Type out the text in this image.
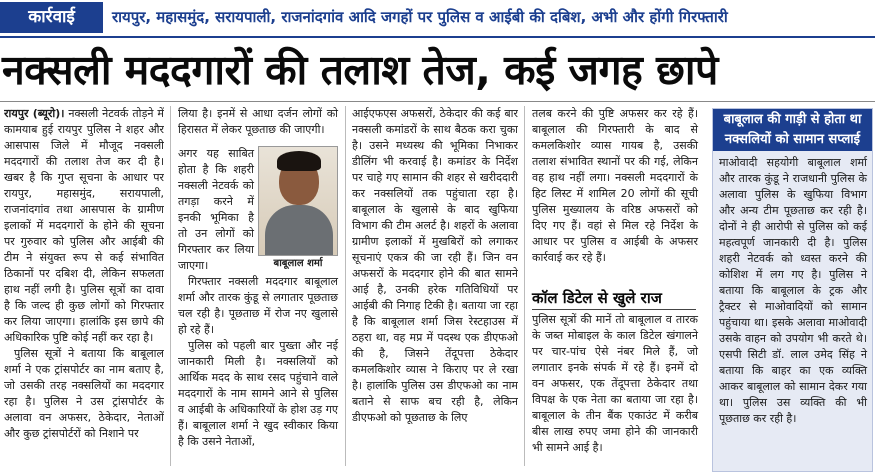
कार्रवाई	रायपुर, महासमुंद, सरायपाली, राजनांदगांव आदि जगहों पर पुलिस व आईबी की दबिश, अभी और होंगी गिरफ्तारी
नक्सली मददगारों की तलाश तेज, कई जगह छापे

रायपुर (ब्यूरो)। नक्सली नेटवर्क तोड़ने में कामयाब हुई रायपुर पुलिस ने शहर और आसपास जिले में मौजूद नक्सली मददगारों की तलाश तेज कर दी है। खबर है कि गुप्त सूचना के आधार पर रायपुर, महासमुंद, सरायपाली, राजनांदगांव तथा आसपास के ग्रामीण इलाकों में मददगारों के होने की सूचना पर गुरुवार को पुलिस और आईबी की टीम ने संयुक्त रूप से कई संभावित ठिकानों पर दबिश दी, लेकिन सफलता हाथ नहीं लगी है। पुलिस सूत्रों का दावा है कि जल्द ही कुछ लोगों को गिरफ्तार कर लिया जाएगा। हालांकि इस छापे की अधिकारिक पुष्टि कोई नहीं कर रहा है।

पुलिस सूत्रों ने बताया कि बाबूलाल शर्मा ने एक ट्रांसपोर्टर का नाम बताए है, जो उसकी तरह नक्सलियों का मददगार रहा है। पुलिस ने उस ट्रांसपोर्टर के अलावा वन अफसर, ठेकेदार, नेताओं और कुछ ट्रांसपोर्टरों को निशाने पर

लिया है। इनमें से आधा दर्जन लोगों को हिरासत में लेकर पूछताछ की जाएगी।
अगर यह साबित होता है कि शहरी नक्सली नेटवर्क को तगड़ा करने में इनकी भूमिका है तो उन लोगों को गिरफ्तार कर लिया जाएगा।	बाबूलाल शर्मा

गिरफ्तार नक्सली मददगार बाबूलाल शर्मा और तारक कुंडू से लगातार पूछताछ चल रही है। पूछताछ में रोज नए खुलासे हो रहे हैं।

पुलिस को पहली बार पुख्ता और नई जानकारी मिली है। नक्सलियों को आर्थिक मदद के साथ रसद पहुंचाने वाले मददगारों के नाम सामने आने से पुलिस व आईबी के अधिकारियों के होश उड़ गए हैं। बाबूलाल शर्मा ने खुद स्वीकार किया है कि उसने नेताओं,

आईएफएस अफसरों, ठेकेदार की कई बार नक्सली कमांडरों के साथ बैठक करा चुका है। उसने मध्यस्थ की भूमिका निभाकर डीलिंग भी करवाई है। कमांडर के निर्देश पर चाहे गए सामान की शहर से खरीददारी कर नक्सलियों तक पहुंचाता रहा है। बाबूलाल के खुलासे के बाद खुफिया विभाग की टीम अलर्ट है। शहरों के अलावा ग्रामीण इलाकों में मुखबिरों को लगाकर सूचनाएं एकत्र की जा रही हैं। जिन वन अफसरों के मददगार होने की बात सामने आई है, उनकी हरेक गतिविधियों पर आईबी की निगाह टिकी है। बताया जा रहा है कि बाबूलाल शर्मा जिस रेस्टहाउस में ठहरा था, वह मप्र में पदस्थ एक डीएफओ की है, जिसने तेंदूपत्ता ठेकेदार कमलकिशोर व्यास ने किराए पर ले रखा है। हालांकि पुलिस उस डीएफओ का नाम बताने से साफ बच रही है, लेकिन डीएफओ को पूछताछ के लिए

तलब करने की पुष्टि अफसर कर रहे हैं। बाबूलाल की गिरफ्तारी के बाद से कमलकिशोर व्यास गायब है, उसकी तलाश संभावित स्थानों पर की गई, लेकिन वह हाथ नहीं लगा। नक्सली मददगारों के हिट लिस्ट में शामिल 20 लोगों की सूची पुलिस मुख्यालय के वरिष्ठ अफसरों को दिए गए हैं। वहां से मिल रहे निर्देश के आधार पर पुलिस व आईबी के अफसर कार्रवाई कर रहे हैं।
कॉल डिटेल से खुले राज
पुलिस सूत्रों की मानें तो बाबूलाल व तारक के जब्त मोबाइल के काल डिटेल खंगालने पर चार-पांच ऐसे नंबर मिले हैं, जो लगातार इनके संपर्क में रहे हैं। इनमें दो वन अफसर, एक तेंदूपत्ता ठेकेदार तथा विपक्ष के एक नेता का बताया जा रहा है। बाबूलाल के तीन बैंक एकाउंट में करीब बीस लाख रुपए जमा होने की जानकारी भी सामने आई है।
बाबूलाल की गाड़ी से होता था नक्सलियों को सामान सप्लाई
माओवादी सहयोगी बाबूलाल शर्मा और तारक कुंडू ने राजधानी पुलिस के अलावा पुलिस के खुफिया विभाग और अन्य टीम पूछताछ कर रही है। दोनों ने ही आरोपी से पुलिस को कई महत्वपूर्ण जानकारी दी है। पुलिस शहरी नेटवर्क को ध्वस्त करने की कोशिश में लग गए है। पुलिस ने बताया कि बाबूलाल के ट्रक और ट्रैक्टर से माओवादियों को सामान पहुंचाया था। इसके अलावा माओवादी उसके वाहन को उपयोग भी करते थे। एसपी सिटी डॉ. लाल उमेद सिंह ने बताया कि बाहर का एक व्यक्ति आकर बाबूलाल को सामान देकर गया था। पुलिस उस व्यक्ति की भी पूछताछ कर रही है।
